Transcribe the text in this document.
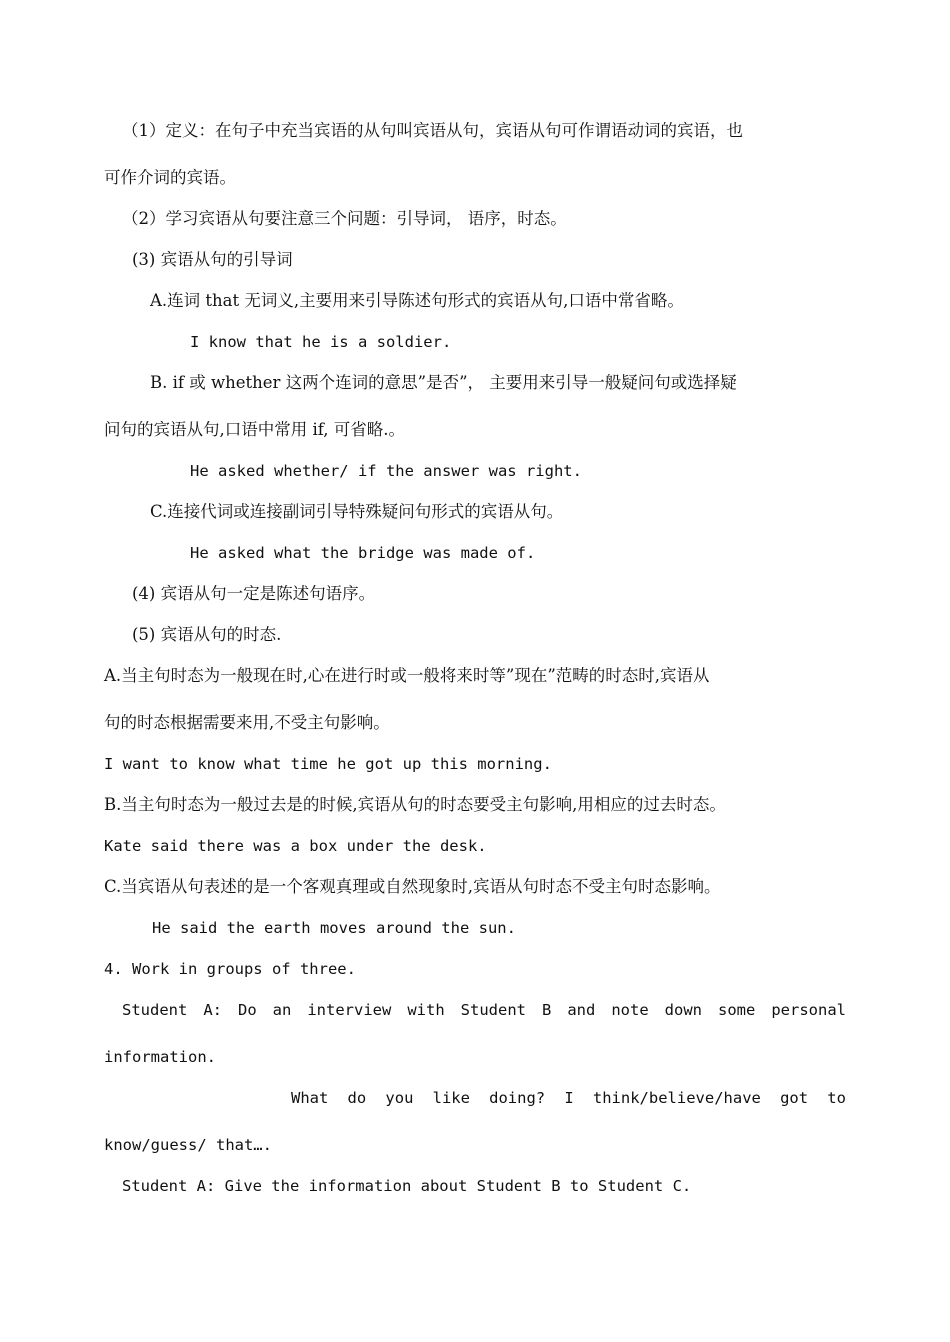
（1）定义：在句子中充当宾语的从句叫宾语从句，宾语从句可作谓语动词的宾语，也
可作介词的宾语。
（2）学习宾语从句要注意三个问题：引导词， 语序，时态。
(3) 宾语从句的引导词
A.连词 that 无词义,主要用来引导陈述句形式的宾语从句,口语中常省略。
I know that he is a soldier.
B. if 或 whether 这两个连词的意思”是否”， 主要用来引导一般疑问句或选择疑
问句的宾语从句,口语中常用 if, 可省略.。
He asked whether/ if the answer was right.
C.连接代词或连接副词引导特殊疑问句形式的宾语从句。
He asked what the bridge was made of.
(4) 宾语从句一定是陈述句语序。
(5) 宾语从句的时态.
A.当主句时态为一般现在时,心在进行时或一般将来时等”现在”范畴的时态时,宾语从
句的时态根据需要来用,不受主句影响。
I want to know what time he got up this morning.
B.当主句时态为一般过去是的时候,宾语从句的时态要受主句影响,用相应的过去时态。
Kate said there was a box under the desk.
C.当宾语从句表述的是一个客观真理或自然现象时,宾语从句时态不受主句时态影响。
He said the earth moves around the sun.
4. Work in groups of three.
Student A: Do an interview with Student B and note down some personal
information.
What do you like doing? I think/believe/have got to
know/guess/ that….
Student A: Give the information about Student B to Student C.
